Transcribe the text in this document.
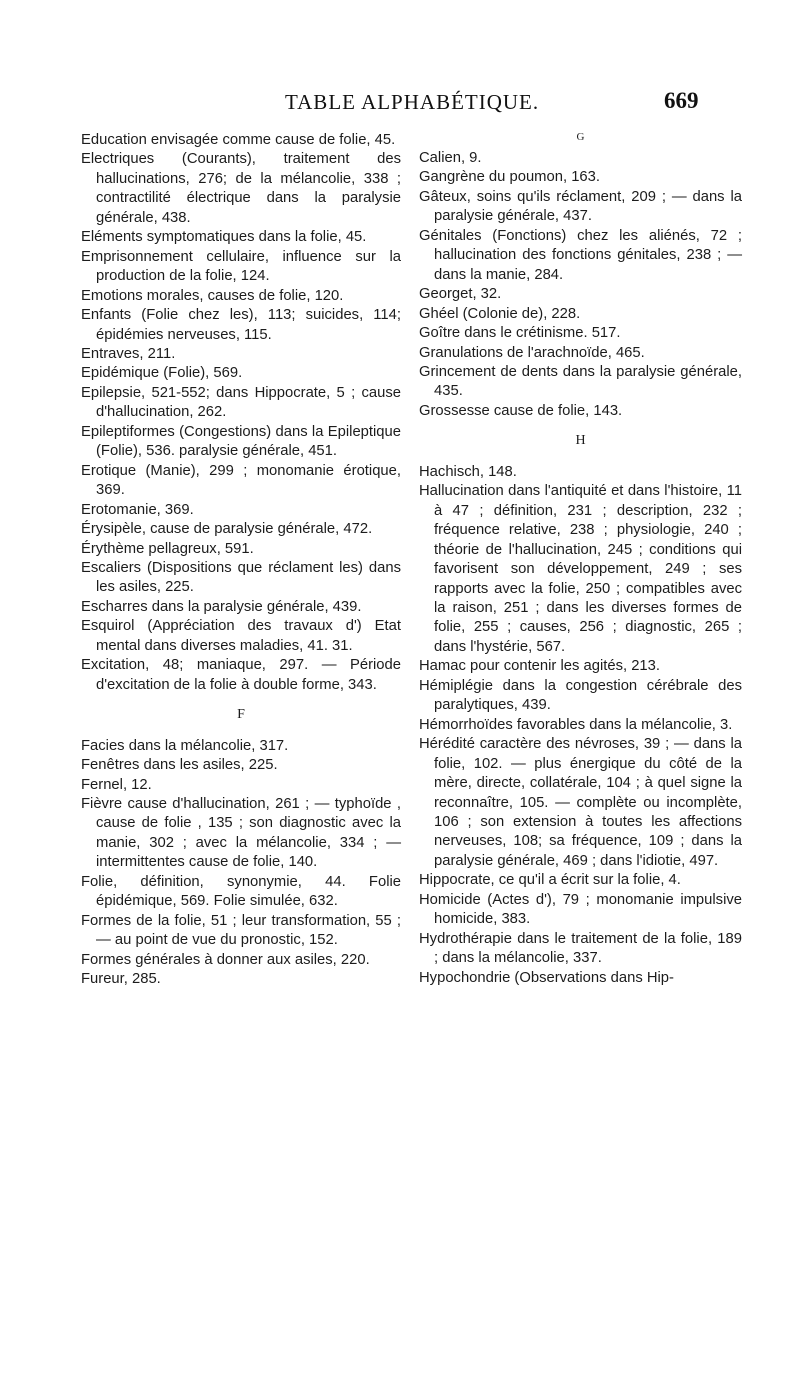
TABLE ALPHABÉTIQUE.	669

Education envisagée comme cause de folie, 45.

Electriques (Courants), traitement des hallucinations, 276; de la mélancolie, 338 ; contractilité électrique dans la paralysie générale, 438.

Eléments symptomatiques dans la folie, 45.

Emprisonnement cellulaire, influence sur la production de la folie, 124.

Emotions morales, causes de folie, 120.

Enfants (Folie chez les), 113; suicides, 114; épidémies nerveuses, 115.

Entraves, 211.

Epidémique (Folie), 569.

Epilepsie, 521-552; dans Hippocrate, 5 ; cause d'hallucination, 262.

Epileptiformes (Congestions) dans la Epileptique (Folie), 536. paralysie générale, 451.

Erotique (Manie), 299 ; monomanie érotique, 369.

Erotomanie, 369.

Érysipèle, cause de paralysie générale, 472.

Érythème pellagreux, 591.

Escaliers (Dispositions que réclament les) dans les asiles, 225.

Escharres dans la paralysie générale, 439.

Esquirol (Appréciation des travaux d') Etat mental dans diverses maladies, 41. 31.

Excitation, 48; maniaque, 297. — Période d'excitation de la folie à double forme, 343.

F

Facies dans la mélancolie, 317.

Fenêtres dans les asiles, 225.

Fernel, 12.

Fièvre cause d'hallucination, 261 ; — typhoïde , cause de folie , 135 ; son diagnostic avec la manie, 302 ; avec la mélancolie, 334 ; — intermittentes cause de folie, 140.

Folie, définition, synonymie, 44. Folie épidémique, 569. Folie simulée, 632.

Formes de la folie, 51 ; leur transformation, 55 ; — au point de vue du pronostic, 152.

Formes générales à donner aux asiles, 220.

Fureur, 285.

G

Calien, 9.

Gangrène du poumon, 163.

Gâteux, soins qu'ils réclament, 209 ; — dans la paralysie générale, 437.

Génitales (Fonctions) chez les aliénés, 72 ; hallucination des fonctions génitales, 238 ; — dans la manie, 284.

Georget, 32.

Ghéel (Colonie de), 228.

Goître dans le crétinisme. 517.

Granulations de l'arachnoïde, 465.

Grincement de dents dans la paralysie générale, 435.

Grossesse cause de folie, 143.

H

Hachisch, 148.

Hallucination dans l'antiquité et dans l'histoire, 11 à 47 ; définition, 231 ; description, 232 ; fréquence relative, 238 ; physiologie, 240 ; théorie de l'hallucination, 245 ; conditions qui favorisent son développement, 249 ; ses rapports avec la folie, 250 ; compatibles avec la raison, 251 ; dans les diverses formes de folie, 255 ; causes, 256 ; diagnostic, 265 ; dans l'hystérie, 567.

Hamac pour contenir les agités, 213.

Hémiplégie dans la congestion cérébrale des paralytiques, 439.

Hémorrhoïdes favorables dans la mélancolie, 3.

Hérédité caractère des névroses, 39 ; — dans la folie, 102. — plus énergique du côté de la mère, directe, collatérale, 104 ; à quel signe la reconnaître, 105. — complète ou incomplète, 106 ; son extension à toutes les affections nerveuses, 108; sa fréquence, 109 ; dans la paralysie générale, 469 ; dans l'idiotie, 497.

Hippocrate, ce qu'il a écrit sur la folie, 4.

Homicide (Actes d'), 79 ; monomanie impulsive homicide, 383.

Hydrothérapie dans le traitement de la folie, 189 ; dans la mélancolie, 337.

Hypochondrie (Observations dans Hip-
